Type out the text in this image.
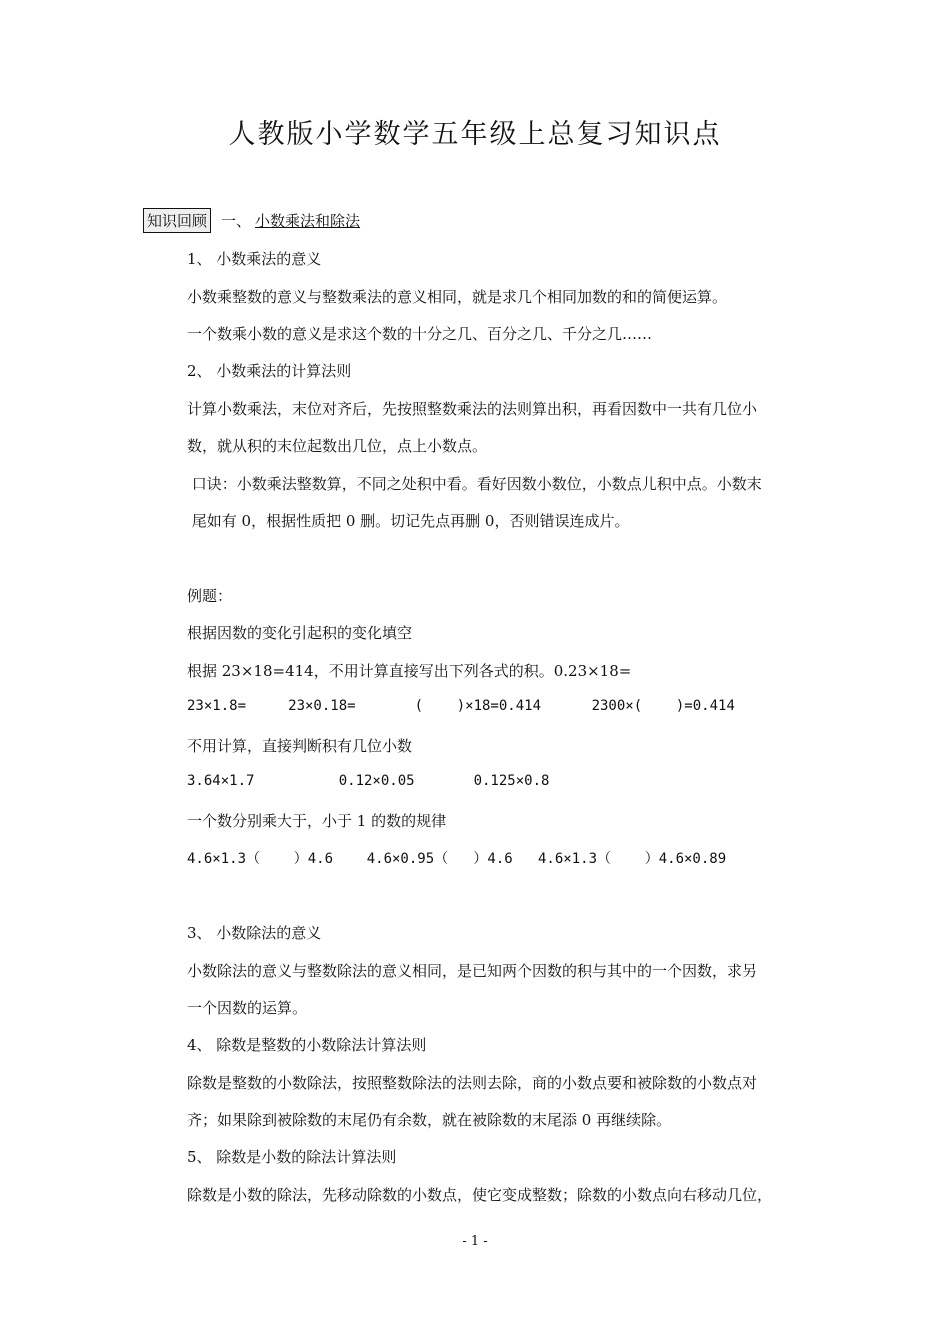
人教版小学数学五年级上总复习知识点
知识回顾 一、 小数乘法和除法
1、 小数乘法的意义
小数乘整数的意义与整数乘法的意义相同，就是求几个相同加数的和的简便运算。
一个数乘小数的意义是求这个数的十分之几、百分之几、千分之几……
2、 小数乘法的计算法则
计算小数乘法，末位对齐后，先按照整数乘法的法则算出积，再看因数中一共有几位小
数，就从积的末位起数出几位，点上小数点。
口诀：小数乘法整数算，不同之处积中看。看好因数小数位，小数点儿积中点。小数末
尾如有 0，根据性质把 0 删。切记先点再删 0，否则错误连成片。
例题：
根据因数的变化引起积的变化填空
根据 23×18=414，不用计算直接写出下列各式的积。0.23×18=
23×1.8=     23×0.18=       (    )×18=0.414      2300×(    )=0.414
不用计算，直接判断积有几位小数
3.64×1.7          0.12×0.05       0.125×0.8
一个数分别乘大于，小于 1 的数的规律
4.6×1.3（    ）4.6    4.6×0.95（   ）4.6   4.6×1.3（    ）4.6×0.89
3、 小数除法的意义
小数除法的意义与整数除法的意义相同，是已知两个因数的积与其中的一个因数，求另
一个因数的运算。
4、 除数是整数的小数除法计算法则
除数是整数的小数除法，按照整数除法的法则去除，商的小数点要和被除数的小数点对
齐；如果除到被除数的末尾仍有余数，就在被除数的末尾添 0 再继续除。
5、 除数是小数的除法计算法则
除数是小数的除法，先移动除数的小数点，使它变成整数；除数的小数点向右移动几位，
- 1 -
